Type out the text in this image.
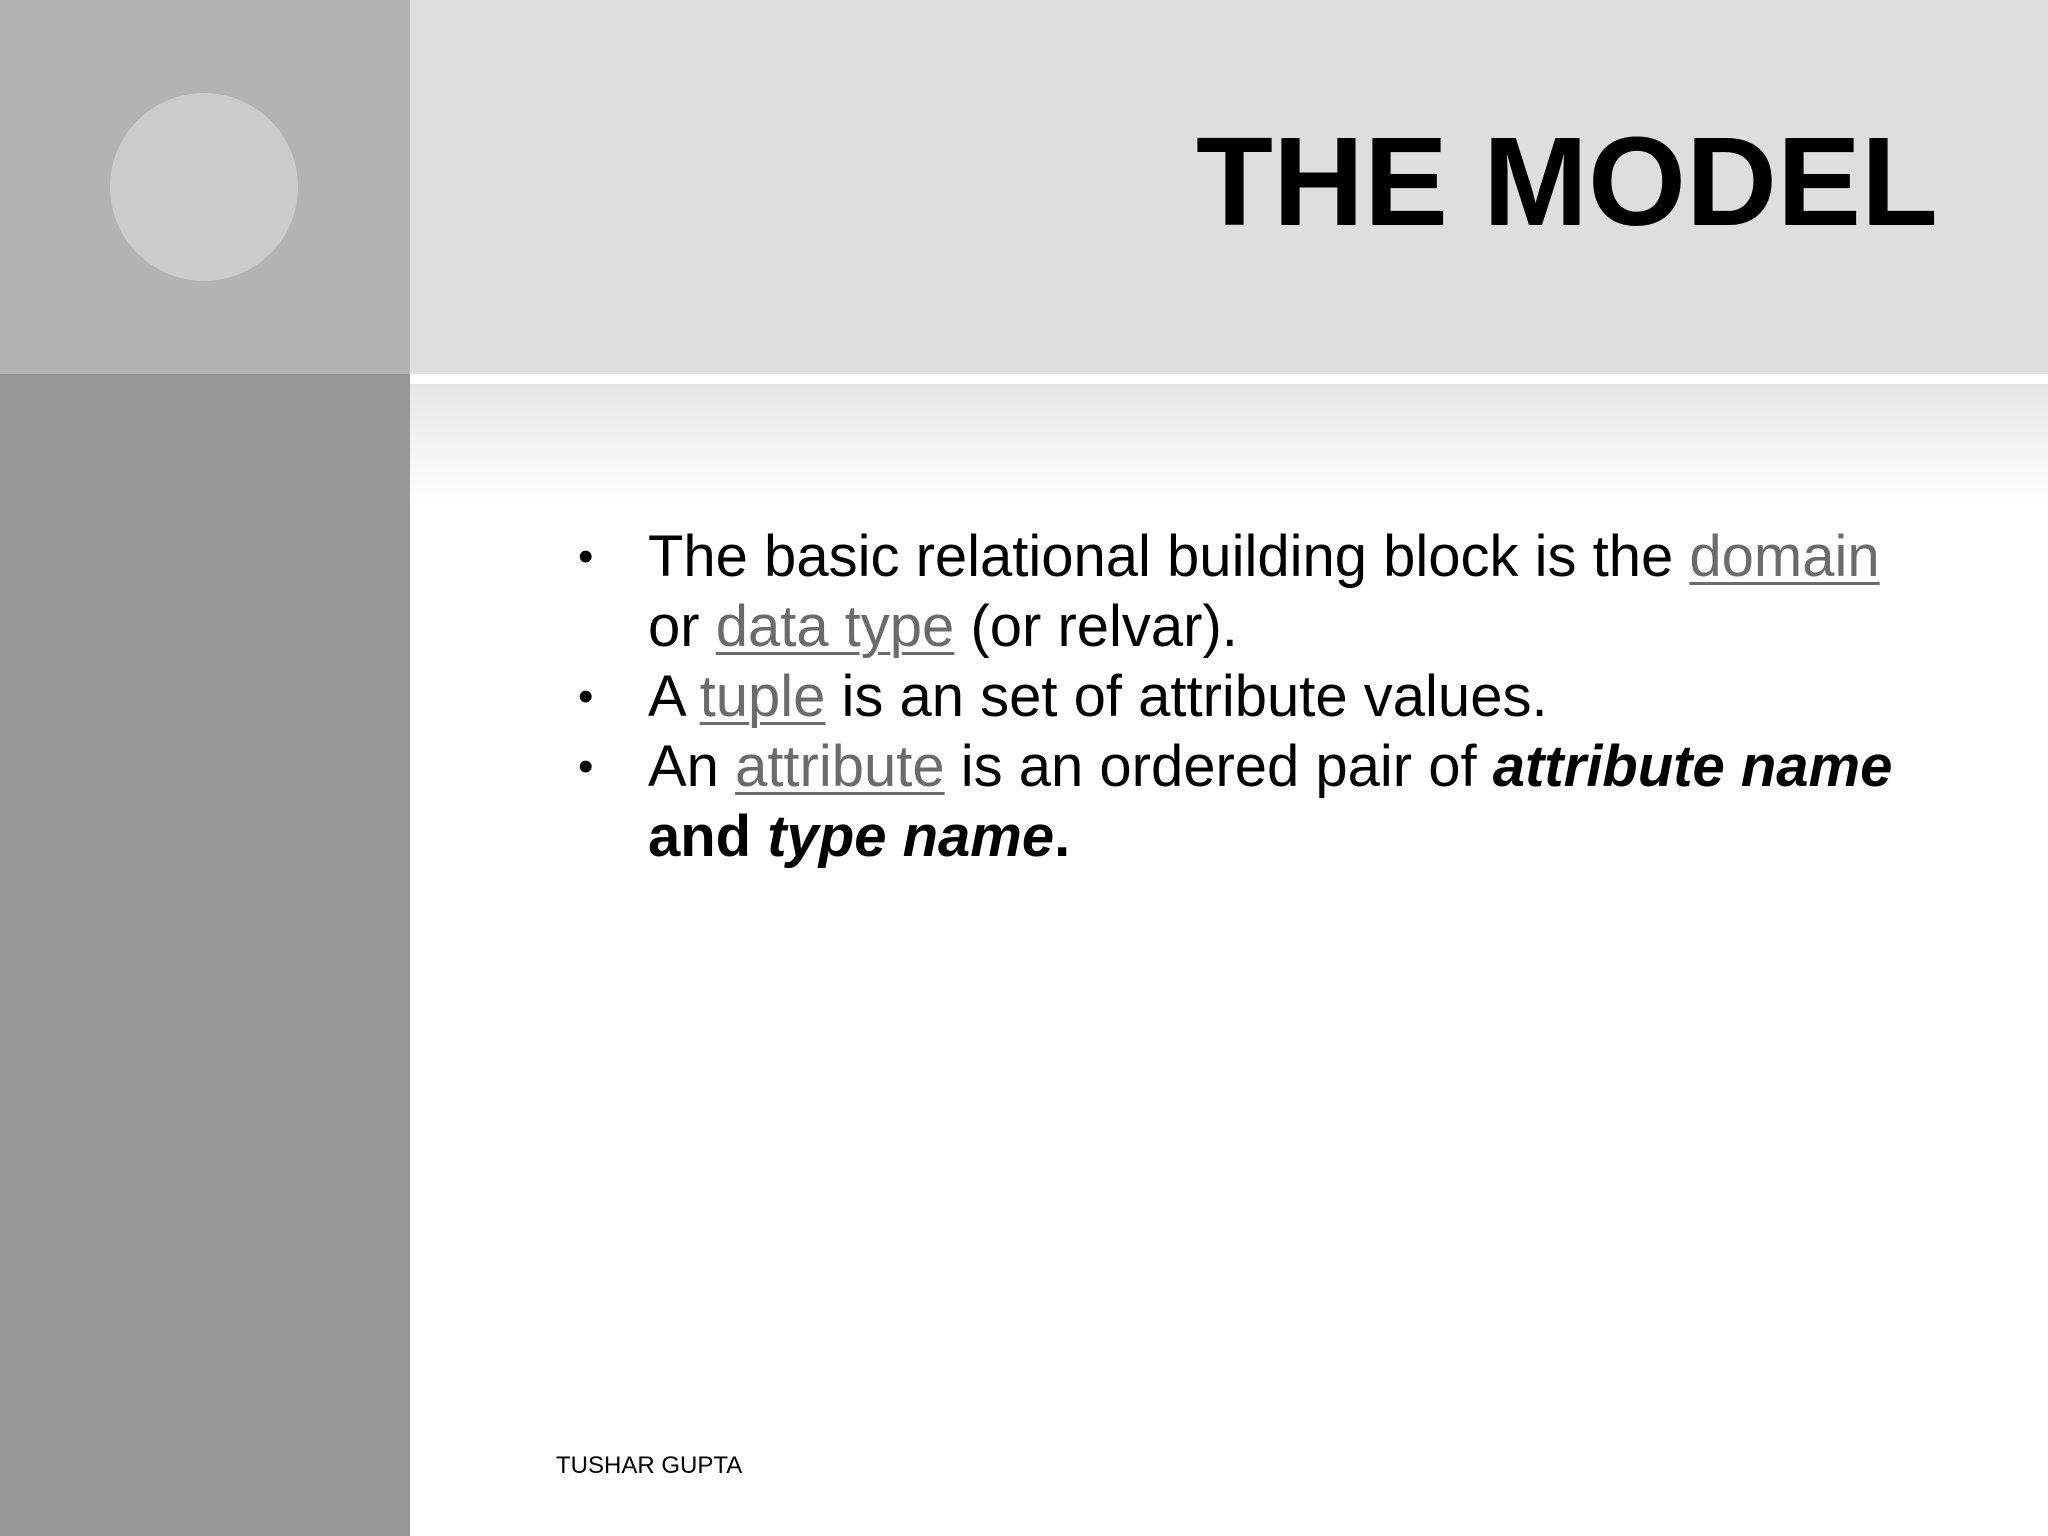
THE MODEL
• The basic relational building block is the domain or data type (or relvar).
• A tuple is an set of attribute values.
• An attribute is an ordered pair of attribute name and type name.
TUSHAR GUPTA
